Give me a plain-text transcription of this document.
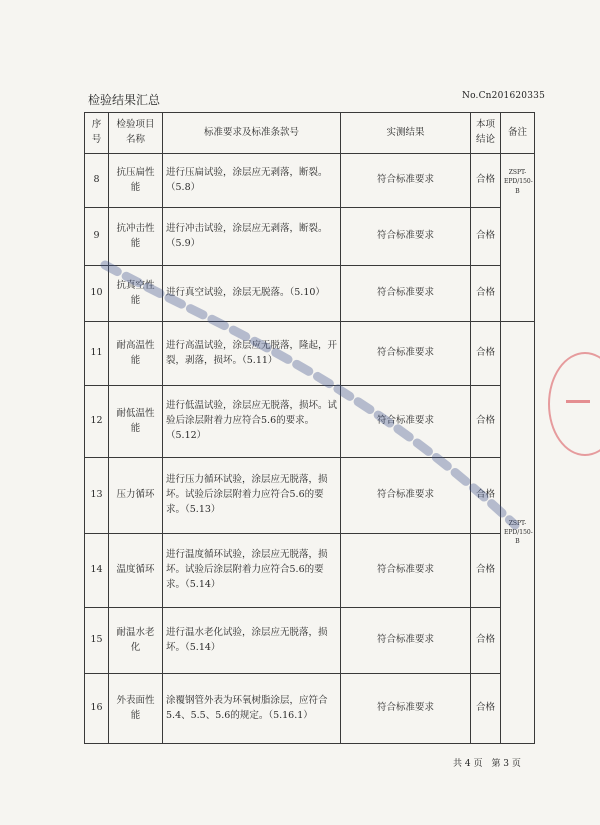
检验结果汇总	No.Cn201620335
序号	检验项目名称	标准要求及标准条款号	实测结果	本项结论	备注
8	抗压扁性能	进行压扁试验，涂层应无剥落，断裂。（5.8）	符合标准要求	合格	ZSPT-EPD/150-B
9	抗冲击性能	进行冲击试验，涂层应无剥落，断裂。（5.9）	符合标准要求	合格	
10	抗真空性能	进行真空试验，涂层无脱落。（5.10）	符合标准要求	合格	
11	耐高温性能	进行高温试验，涂层应无脱落，隆起，开裂，剥落，损坏。（5.11）	符合标准要求	合格	ZSPT-EPD/150-B
12	耐低温性能	进行低温试验，涂层应无脱落，损坏。试验后涂层附着力应符合5.6的要求。（5.12）	符合标准要求	合格	
13	压力循环	进行压力循环试验，涂层应无脱落，损坏。试验后涂层附着力应符合5.6的要求。（5.13）	符合标准要求	合格	
14	温度循环	进行温度循环试验，涂层应无脱落，损坏。试验后涂层附着力应符合5.6的要求。（5.14）	符合标准要求	合格	
15	耐温水老化	进行温水老化试验，涂层应无脱落，损坏。（5.14）	符合标准要求	合格	
16	外表面性能	涂覆钢管外表为环氧树脂涂层，应符合5.4、5.5、5.6的规定。（5.16.1）	符合标准要求	合格	
共 4 页　第 3 页
